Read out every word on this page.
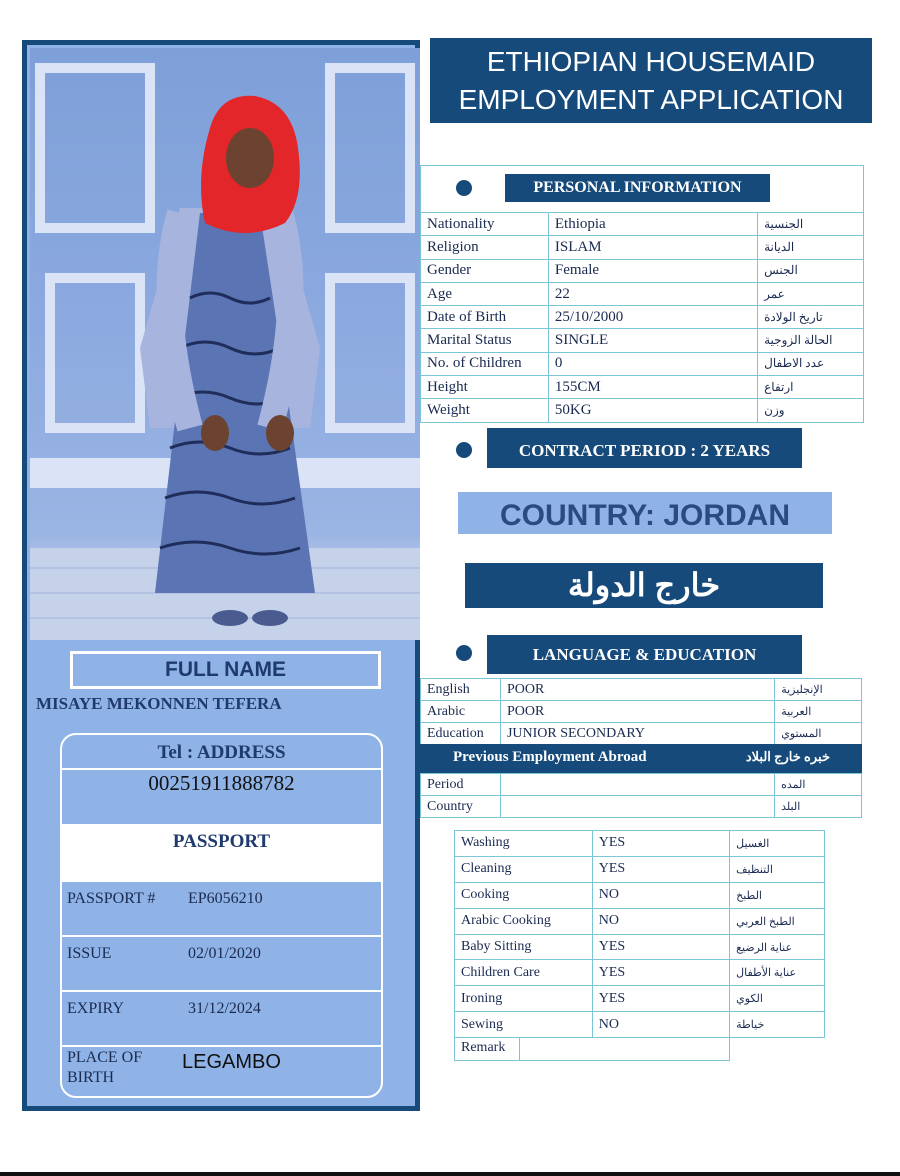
FULL NAME
MISAYE MEKONNEN TEFERA
Tel : ADDRESS
00251911888782
PASSPORT
PASSPORT # EP6056210
ISSUE	02/01/2020
EXPIRY	31/12/2024
PLACE OF
BIRTH
LEGAMBO
ETHIOPIAN HOUSEMAID
EMPLOYMENT APPLICATION
PERSONAL INFORMATION
Nationality	Ethiopia	الجنسية
Religion	ISLAM	الديانة
Gender	Female	الجنس
Age	22	عمر
Date of Birth	25/10/2000	تاريخ الولادة
Marital Status	SINGLE	الحالة الزوجية
No. of Children	0	عدد الاطفال
Height	155CM	ارتفاع
Weight	50KG	وزن
CONTRACT PERIOD : 2 YEARS
COUNTRY: JORDAN
خارج الدولة
LANGUAGE & EDUCATION
English	POOR	الإنجليزية
Arabic	POOR	العربية
Education	JUNIOR SECONDARY	المستوي
Previous Employment Abroad	خبره خارج البلاد
Period		المده
Country		البلد
Washing	YES	الغسيل
Cleaning	YES	التنظيف
Cooking	NO	الطبخ
Arabic Cooking	NO	الطبخ العربي
Baby Sitting	YES	عناية الرضيع
Children Care	YES	عناية الأطفال
Ironing	YES	الكوي
Sewing	NO	خياطة
Remark
